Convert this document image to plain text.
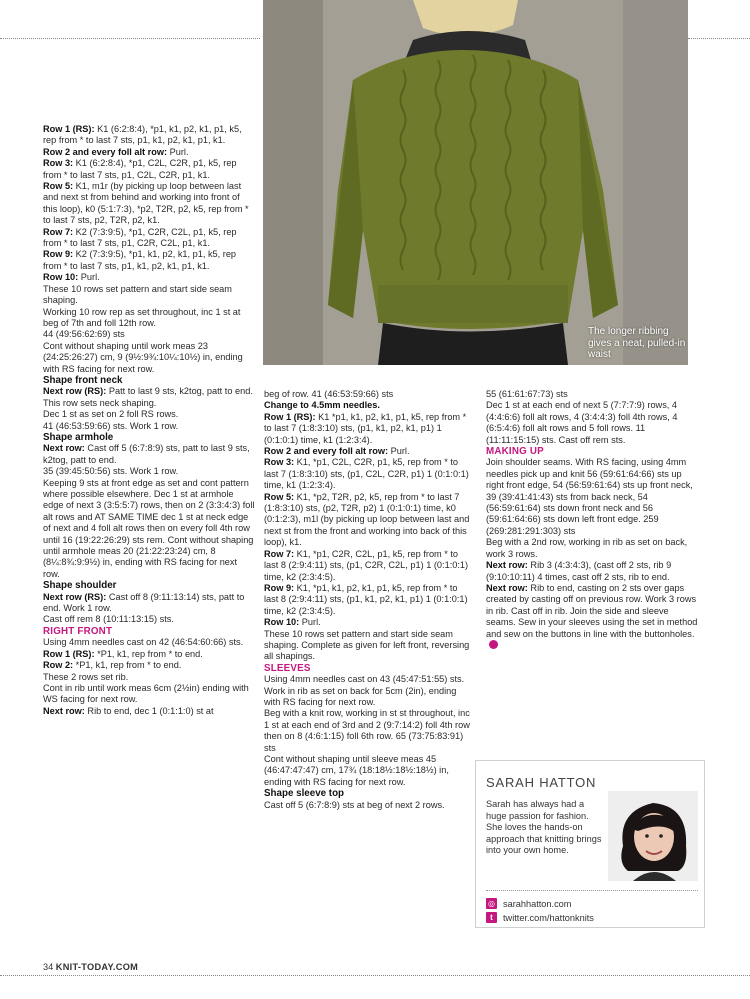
The longer ribbing gives a neat, pulled-in waist

Row 1 (RS): K1 (6:2:8:4), *p1, k1, p2, k1, p1, k5, rep from * to last 7 sts, p1, k1, p2, k1, p1, k1.

Row 2 and every foll alt row: Purl.

Row 3: K1 (6:2:8:4), *p1, C2L, C2R, p1, k5, rep from * to last 7 sts, p1, C2L, C2R, p1, k1.

Row 5: K1, m1r (by picking up loop between last and next st from behind and working into front of this loop), k0 (5:1:7:3), *p2, T2R, p2, k5, rep from * to last 7 sts, p2, T2R, p2, k1.

Row 7: K2 (7:3:9:5), *p1, C2R, C2L, p1, k5, rep from * to last 7 sts, p1, C2R, C2L, p1, k1.

Row 9: K2 (7:3:9:5), *p1, k1, p2, k1, p1, k5, rep from * to last 7 sts, p1, k1, p2, k1, p1, k1.

Row 10: Purl.

These 10 rows set pattern and start side seam shaping.

Working 10 row rep as set throughout, inc 1 st at beg of 7th and foll 12th row.

44 (49:56:62:69) sts

Cont without shaping until work meas 23 (24:25:26:27) cm, 9 (9½:9¾:10¼:10½) in, ending with RS facing for next row.

Shape front neck

Next row (RS): Patt to last 9 sts, k2tog, patt to end. This row sets neck shaping.

Dec 1 st as set on 2 foll RS rows.

41 (46:53:59:66) sts. Work 1 row.

Shape armhole

Next row: Cast off 5 (6:7:8:9) sts, patt to last 9 sts, k2tog, patt to end.

35 (39:45:50:56) sts. Work 1 row.

Keeping 9 sts at front edge as set and cont pattern where possible elsewhere. Dec 1 st at armhole edge of next 3 (3:5:5:7) rows, then on 2 (3:3:4:3) foll alt rows and AT SAME TIME dec 1 st at neck edge of next and 4 foll alt rows then on every foll 4th row until 16 (19:22:26:29) sts rem. Cont without shaping until armhole meas 20 (21:22:23:24) cm, 8 (8¼:8¾:9:9½) in, ending with RS facing for next row.

Shape shoulder

Next row (RS): Cast off 8 (9:11:13:14) sts, patt to end. Work 1 row.

Cast off rem 8 (10:11:13:15) sts.

RIGHT FRONT

Using 4mm needles cast on 42 (46:54:60:66) sts.

Row 1 (RS): *P1, k1, rep from * to end.

Row 2: *P1, k1, rep from * to end.

These 2 rows set rib.

Cont in rib until work meas 6cm (2½in) ending with WS facing for next row.

Next row: Rib to end, dec 1 (0:1:1:0) st at

beg of row. 41 (46:53:59:66) sts

Change to 4.5mm needles.

Row 1 (RS): K1 *p1, k1, p2, k1, p1, k5, rep from * to last 7 (1:8:3:10) sts, (p1, k1, p2, k1, p1) 1 (0:1:0:1) time, k1 (1:2:3:4).

Row 2 and every foll alt row: Purl.

Row 3: K1, *p1, C2L, C2R, p1, k5, rep from * to last 7 (1:8:3:10) sts, (p1, C2L, C2R, p1) 1 (0:1:0:1) time, k1 (1:2:3:4).

Row 5: K1, *p2, T2R, p2, k5, rep from * to last 7 (1:8:3:10) sts, (p2, T2R, p2) 1 (0:1:0:1) time, k0 (0:1:2:3), m1l (by picking up loop between last and next st from the front and working into back of this loop), k1.

Row 7: K1, *p1, C2R, C2L, p1, k5, rep from * to last 8 (2:9:4:11) sts, (p1, C2R, C2L, p1) 1 (0:1:0:1) time, k2 (2:3:4:5).

Row 9: K1, *p1, k1, p2, k1, p1, k5, rep from * to last 8 (2:9:4:11) sts, (p1, k1, p2, k1, p1) 1 (0:1:0:1) time, k2 (2:3:4:5).

Row 10: Purl.

These 10 rows set pattern and start side seam shaping. Complete as given for left front, reversing all shapings.

SLEEVES

Using 4mm needles cast on 43 (45:47:51:55) sts.

Work in rib as set on back for 5cm (2in), ending with RS facing for next row.

Beg with a knit row, working in st st throughout, inc 1 st at each end of 3rd and 2 (9:7:14:2) foll 4th row then on 8 (4:6:1:15) foll 6th row. 65 (73:75:83:91) sts

Cont without shaping until sleeve meas 45 (46:47:47:47) cm, 17¾ (18:18½:18½:18½) in, ending with RS facing for next row.

Shape sleeve top

Cast off 5 (6:7:8:9) sts at beg of next 2 rows.

55 (61:61:67:73) sts

Dec 1 st at each end of next 5 (7:7:7:9) rows, 4 (4:4:6:6) foll alt rows, 4 (3:4:4:3) foll 4th rows, 4 (6:5:4:6) foll alt rows and 5 foll rows. 11 (11:11:15:15) sts. Cast off rem sts.

MAKING UP

Join shoulder seams. With RS facing, using 4mm needles pick up and knit 56 (59:61:64:66) sts up right front edge, 54 (56:59:61:64) sts up front neck, 39 (39:41:41:43) sts from back neck, 54 (56:59:61:64) sts down front neck and 56 (59:61:64:66) sts down left front edge. 259 (269:281:291:303) sts

Beg with a 2nd row, working in rib as set on back, work 3 rows.

Next row: Rib 3 (4:3:4:3), (cast off 2 sts, rib 9 (9:10:10:11) 4 times, cast off 2 sts, rib to end.

Next row: Rib to end, casting on 2 sts over gaps created by casting off on previous row. Work 3 rows in rib. Cast off in rib. Join the side and sleeve seams. Sew in your sleeves using the set in method and sew on the buttons in line with the buttonholes.

SARAH HATTON
Sarah has always had a huge passion for fashion. She loves the hands-on approach that knitting brings into your own home.
◎ sarahhatton.com
t	twitter.com/hattonknits
34 KNIT-TODAY.COM
